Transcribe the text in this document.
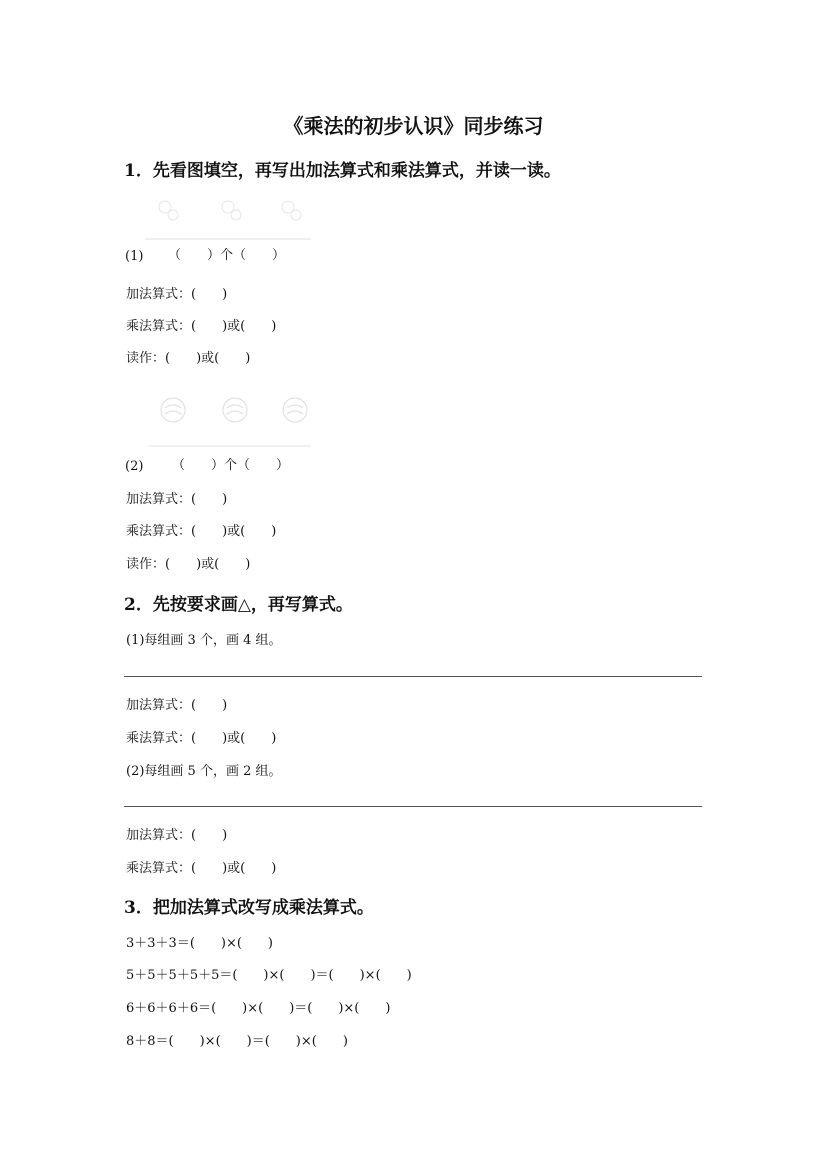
《乘法的初步认识》同步练习
1．先看图填空，再写出加法算式和乘法算式，并读一读。
(1) （　　）个（　　）
加法算式：(　　)
乘法算式：(　　)或(　　)
读作：(　　)或(　　)
(2) （　　）个（　　）
加法算式：(　　)
乘法算式：(　　)或(　　)
读作：(　　)或(　　)
2．先按要求画△，再写算式。
(1)每组画 3 个，画 4 组。
加法算式：(　　)
乘法算式：(　　)或(　　)
(2)每组画 5 个，画 2 组。
加法算式：(　　)
乘法算式：(　　)或(　　)
3．把加法算式改写成乘法算式。
3＋3＋3＝(　　)×(　　)
5＋5＋5＋5＋5＝(　　)×(　　)＝(　　)×(　　)
6＋6＋6＋6＝(　　)×(　　)＝(　　)×(　　)
8＋8＝(　　)×(　　)＝(　　)×(　　)
